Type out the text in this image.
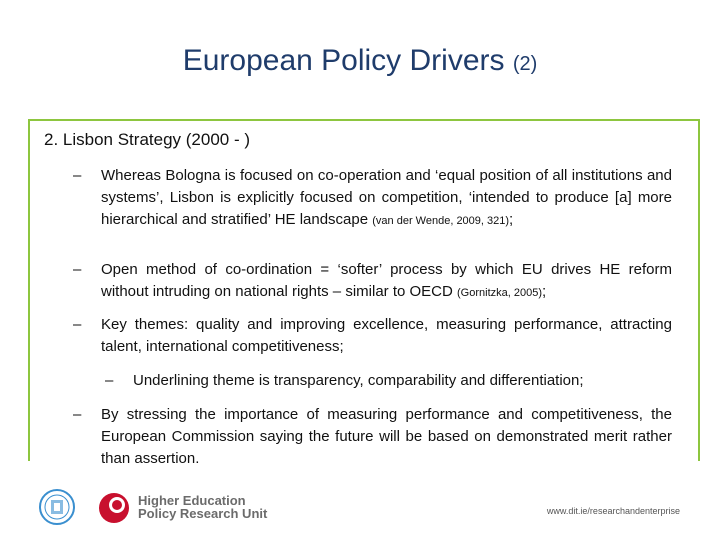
European Policy Drivers (2)
2. Lisbon Strategy (2000 - )
– Whereas Bologna is focused on co-operation and ‘equal position of all institutions and systems’, Lisbon is explicitly focused on competition, ‘intended to produce [a] more hierarchical and stratified’ HE landscape (van der Wende, 2009, 321);
– Open method of co-ordination = ‘softer’ process by which EU drives HE reform without intruding on national rights – similar to OECD (Gornitzka, 2005);
– Key themes: quality and improving excellence, measuring performance, attracting talent, international competitiveness;
– Underlining theme is transparency, comparability and differentiation;
– By stressing the importance of measuring performance and competitiveness, the European Commission saying the future will be based on demonstrated merit rather than assertion.
Higher Education
Policy Research Unit	www.dit.ie/researchandenterprise
